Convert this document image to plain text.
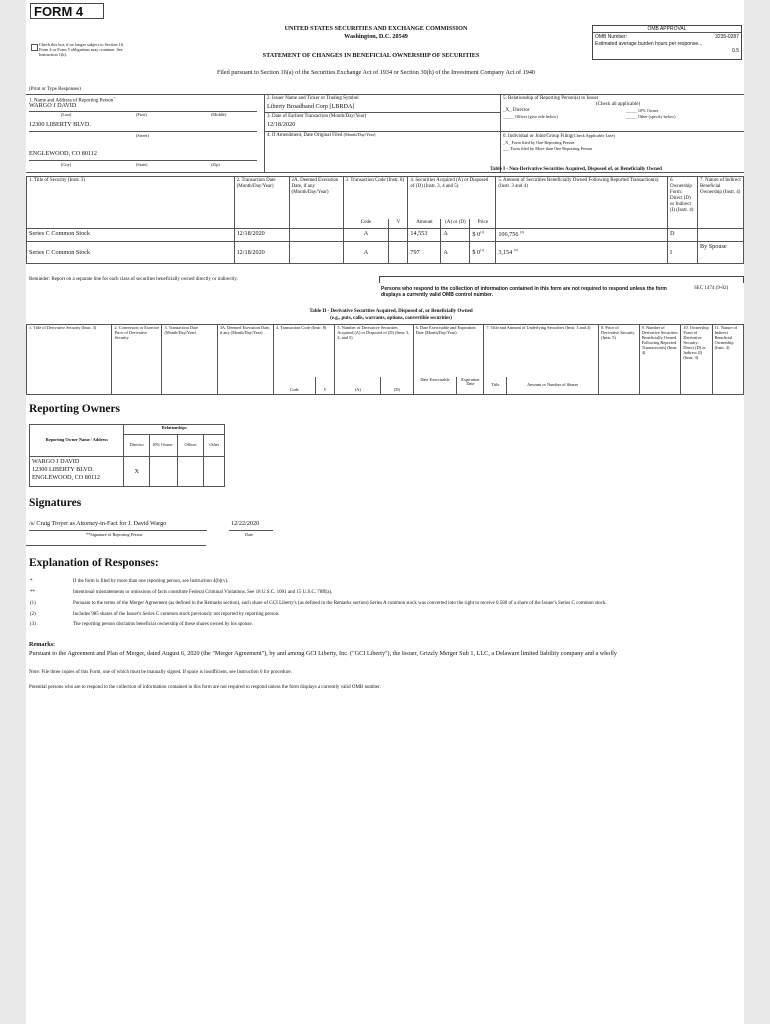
FORM 4
Check this box if no longer subject to Section 16. Form 4 or Form 5 obligations may continue. See Instruction 1(b).
UNITED STATES SECURITIES AND EXCHANGE COMMISSION
Washington, D.C. 20549
STATEMENT OF CHANGES IN BENEFICIAL OWNERSHIP OF SECURITIES
Filed pursuant to Section 16(a) of the Securities Exchange Act of 1934 or Section 30(h) of the Investment Company Act of 1940
OMB APPROVAL
OMB Number:	3235-0287
Estimated average burden hours per response...
0.5
(Print or Type Responses)
1. Name and Address of Reporting Person*
WARGO J DAVID
(Last)	(First)	(Middle)
12300 LIBERTY BLVD.
(Street)
ENGLEWOOD, CO 80112
(City)	(State)	(Zip)
2. Issuer Name and Ticker or Trading Symbol
Liberty Broadband Corp [LBRDA]
3. Date of Earliest Transaction (Month/Day/Year)
12/18/2020
4. If Amendment, Date Original Filed (Month/Day/Year)
5. Relationship of Reporting Person(s) to Issuer
(Check all applicable)
_X_ Director	_____ 10% Owner
_____ Officer (give title below)	_____ Other (specify below)
6. Individual or Joint/Group Filing(Check Applicable Line)
_X_ Form filed by One Reporting Person
___ Form filed by More than One Reporting Person
Table I - Non-Derivative Securities Acquired, Disposed of, or Beneficially Owned
1. Title of Security (Instr. 3)	2. Transaction Date (Month/Day/Year)	2A. Deemed Execution Date, if any (Month/Day/Year)	3. Transaction Code (Instr. 8)		4. Securities Acquired (A) or Disposed of (D) (Instr. 3, 4 and 5)			5. Amount of Securities Beneficially Owned Following Reported Transaction(s) (Instr. 3 and 4)	6. Ownership Form: Direct (D) or Indirect (I) (Instr. 4)	7. Nature of Indirect Beneficial Ownership (Instr. 4)
			Code	V	Amount	(A) or (D)	Price			
Series C Common Stock	12/18/2020		A		14,553	A	$ 0$^{(1)}$	106,756 $^{(2)}$	D	
Series C Common Stock	12/18/2020		A		797	A	$ 0$^{(1)}$	3,154 $^{(3)}$	I	By Spouse
Reminder: Report on a separate line for each class of securities beneficially owned directly or indirectly.
Persons who respond to the collection of information contained in this form are not required to respond unless the form displays a currently valid OMB control number.
SEC 1474 (9-02)
Table II - Derivative Securities Acquired, Disposed of, or Beneficially Owned
(e.g., puts, calls, warrants, options, convertible securities)
1. Title of Derivative Security (Instr. 3)	2. Conversion or Exercise Price of Derivative Security	3. Transaction Date (Month/Day/Year)	3A. Deemed Execution Date, if any (Month/Day/Year)	4. Transaction Code (Instr. 8)		5. Number of Derivative Securities Acquired (A) or Disposed of (D) (Instr. 3, 4, and 5)		6. Date Exercisable and Expiration Date (Month/Day/Year)		7. Title and Amount of Underlying Securities (Instr. 3 and 4)		8. Price of Derivative Security (Instr. 5)	9. Number of Derivative Securities Beneficially Owned Following Reported Transaction(s) (Instr. 4)	10. Ownership Form of Derivative Security: Direct (D) or Indirect (I) (Instr. 4)	11. Nature of Indirect Beneficial Ownership (Instr. 4)
				Code	V	(A)	(D)	Date Exercisable	Expiration Date	Title	Amount or Number of Shares				
Reporting Owners
Reporting Owner Name / Address	Relationships			
	Director	10% Owner	Officer	Other

WARGO J DAVID
12300 LIBERTY BLVD.
ENGLEWOOD, CO 80112	X			
Signatures
/s/ Craig Troyer as Attorney-in-Fact for J. David Wargo
**Signature of Reporting Person
12/22/2020
Date
Explanation of Responses:
*	If the form is filed by more than one reporting person, see Instruction 4(b)(v).
**	Intentional misstatements or omissions of facts constitute Federal Criminal Violations. See 18 U.S.C. 1001 and 15 U.S.C. 78ff(a).
(1)	Pursuant to the terms of the Merger Agreement (as defined in the Remarks section), each share of GCI Liberty's (as defined in the Remarks section) Series A common stock was converted into the right to receive 0.580 of a share of the Issuer's Series C common stock.
(2)	Includes 985 shares of the Issuer's Series C common stock previously not reported by reporting person.
(3)	The reporting person disclaims beneficial ownership of these shares owned by his spouse.
Remarks:
Pursuant to the Agreement and Plan of Merger, dated August 6, 2020 (the "Merger Agreement"), by and among GCI Liberty, Inc. ("GCI Liberty"), the Issuer, Grizzly Merger Sub 1, LLC, a Delaware limited liability company and a wholly
Note: File three copies of this Form, one of which must be manually signed. If space is insufficient, see Instruction 6 for procedure.
Potential persons who are to respond to the collection of information contained in this form are not required to respond unless the form displays a currently valid OMB number.
